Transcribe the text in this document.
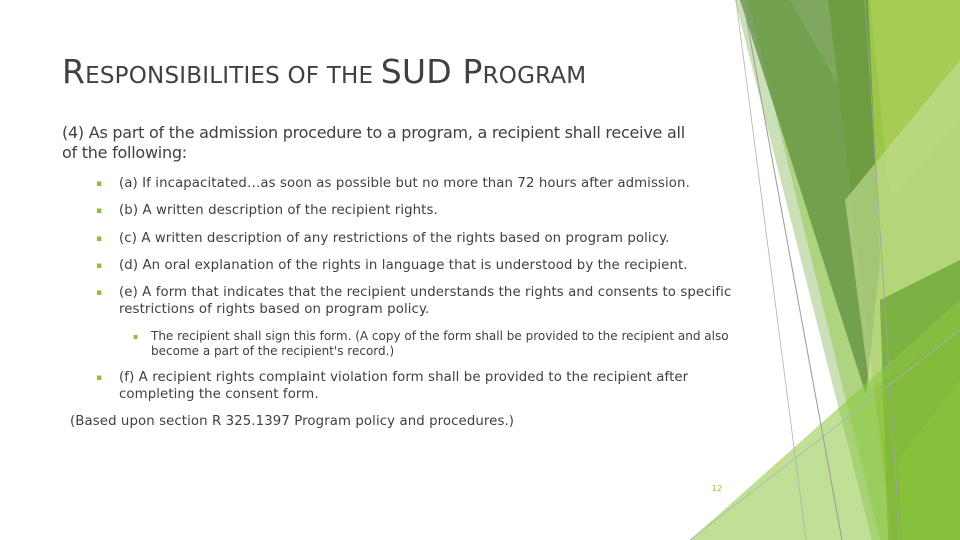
RESPONSIBILITIES OF THE SUD PROGRAM
(4) As part of the admission procedure to a program, a recipient shall receive all of the following:
▪ (a) If incapacitated…as soon as possible but no more than 72 hours after admission.
▪ (b) A written description of the recipient rights.
▪ (c) A written description of any restrictions of the rights based on program policy.
▪ (d) An oral explanation of the rights in language that is understood by the recipient.
▪ (e) A form that indicates that the recipient understands the rights and consents to specific restrictions of rights based on program policy.
▪ The recipient shall sign this form. (A copy of the form shall be provided to the recipient and also become a part of the recipient's record.)
▪ (f) A recipient rights complaint violation form shall be provided to the recipient after completing the consent form.
(Based upon section R 325.1397 Program policy and procedures.)
12
